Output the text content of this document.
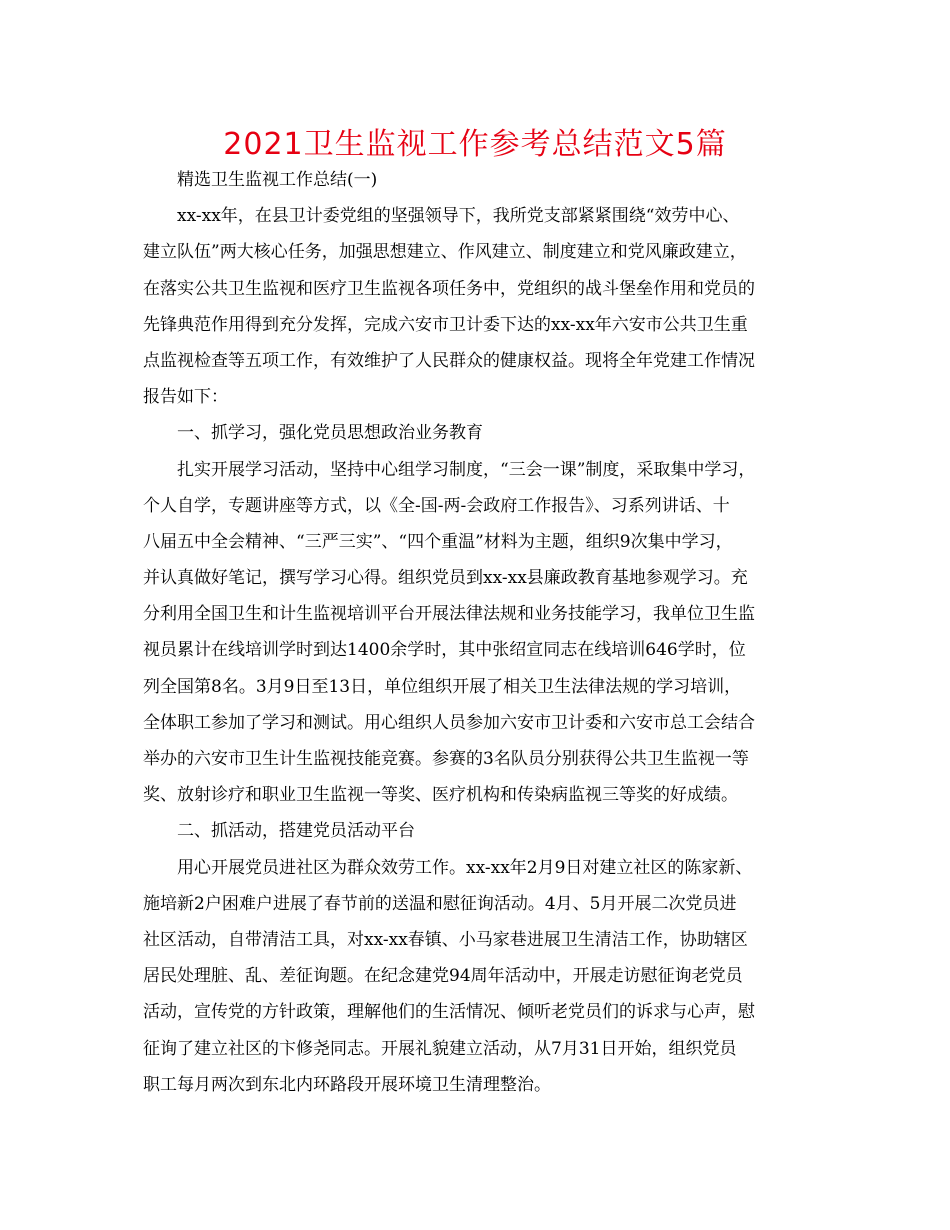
2021卫生监视工作参考总结范文5篇
精选卫生监视工作总结(一)
xx-xx年，在县卫计委党组的坚强领导下，我所党支部紧紧围绕“效劳中心、
建立队伍”两大核心任务，加强思想建立、作风建立、制度建立和党风廉政建立，
在落实公共卫生监视和医疗卫生监视各项任务中，党组织的战斗堡垒作用和党员的
先锋典范作用得到充分发挥，完成六安市卫计委下达的xx-xx年六安市公共卫生重
点监视检查等五项工作，有效维护了人民群众的健康权益。现将全年党建工作情况
报告如下：
一、抓学习，强化党员思想政治业务教育
扎实开展学习活动，坚持中心组学习制度，“三会一课”制度，采取集中学习，
个人自学，专题讲座等方式，以《全-国-两-会政府工作报告》、习系列讲话、十
八届五中全会精神、“三严三实”、“四个重温”材料为主题，组织9次集中学习，
并认真做好笔记，撰写学习心得。组织党员到xx-xx县廉政教育基地参观学习。充
分利用全国卫生和计生监视培训平台开展法律法规和业务技能学习，我单位卫生监
视员累计在线培训学时到达1400余学时，其中张绍宣同志在线培训646学时，位
列全国第8名。3月9日至13日，单位组织开展了相关卫生法律法规的学习培训，
全体职工参加了学习和测试。用心组织人员参加六安市卫计委和六安市总工会结合
举办的六安市卫生计生监视技能竞赛。参赛的3名队员分别获得公共卫生监视一等
奖、放射诊疗和职业卫生监视一等奖、医疗机构和传染病监视三等奖的好成绩。
二、抓活动，搭建党员活动平台
用心开展党员进社区为群众效劳工作。xx-xx年2月9日对建立社区的陈家新、
施培新2户困难户进展了春节前的送温和慰征询活动。4月、5月开展二次党员进
社区活动，自带清洁工具，对xx-xx春镇、小马家巷进展卫生清洁工作，协助辖区
居民处理脏、乱、差征询题。在纪念建党94周年活动中，开展走访慰征询老党员
活动，宣传党的方针政策，理解他们的生活情况、倾听老党员们的诉求与心声，慰
征询了建立社区的卞修尧同志。开展礼貌建立活动，从7月31日开始，组织党员
职工每月两次到东北内环路段开展环境卫生清理整治。
